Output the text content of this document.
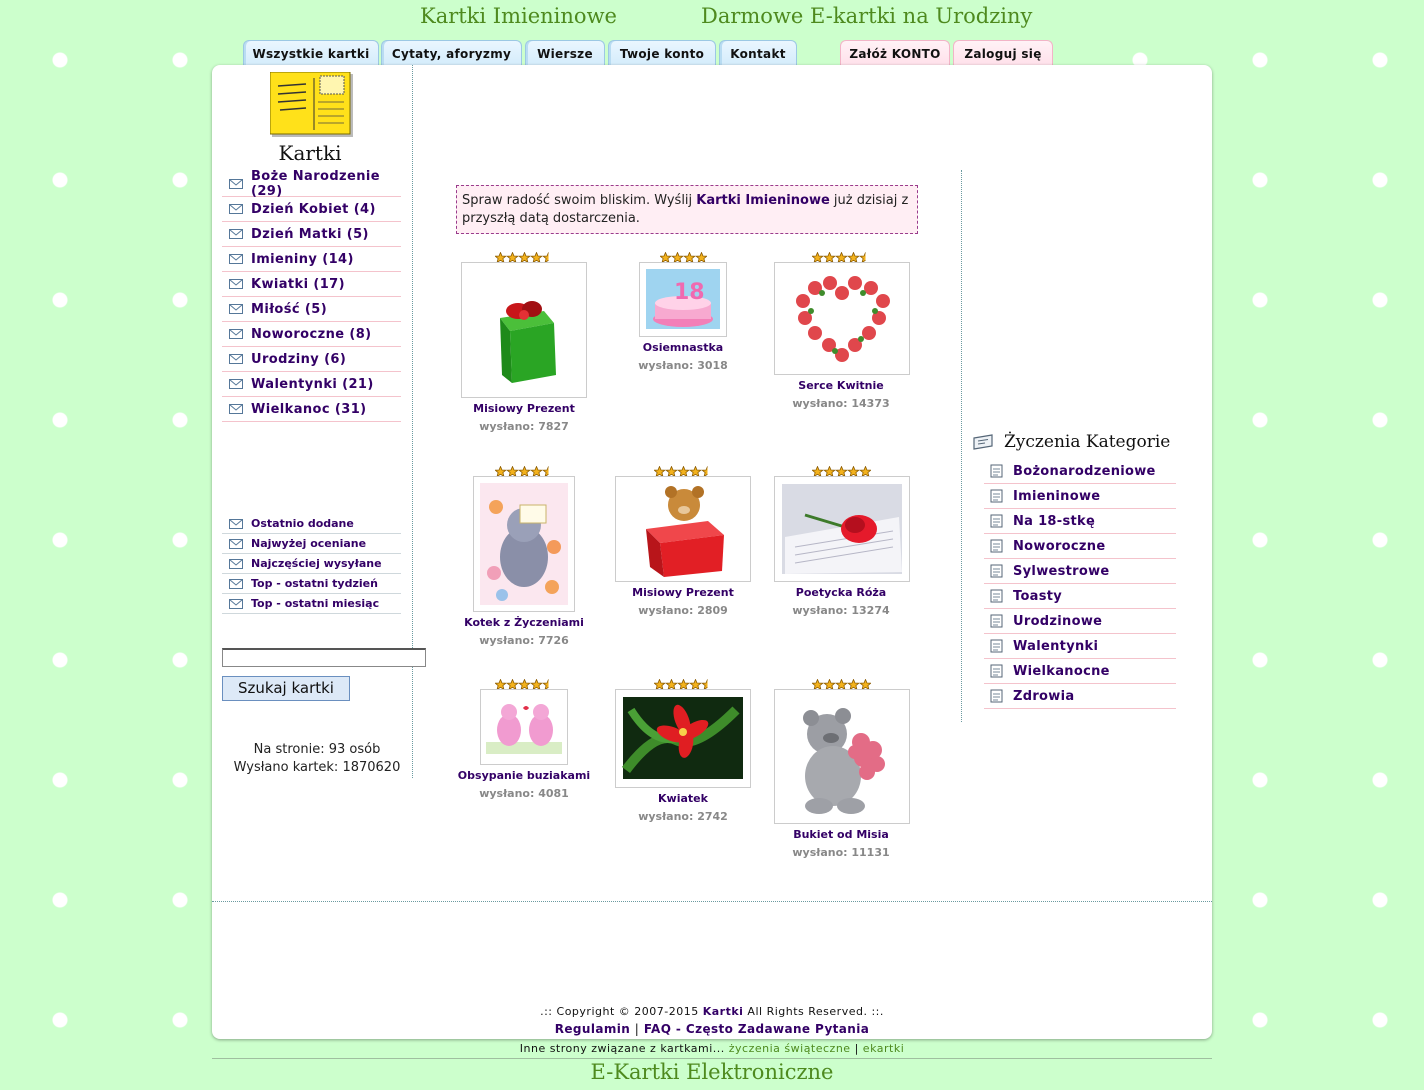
Kartki Imieninowe	Darmowe E-kartki na Urodziny
Wszystkie kartki	Cytaty, aforyzmy	Wiersze	Twoje konto	Kontakt	Załóż KONTO	Zaloguj się
Kartki
Boże Narodzenie (29)
Dzień Kobiet (4)
Dzień Matki (5)
Imieniny (14)
Kwiatki (17)
Miłość (5)
Noworoczne (8)
Urodziny (6)
Walentynki (21)
Wielkanoc (31)
Ostatnio dodane
Najwyżej oceniane
Najczęściej wysyłane
Top - ostatni tydzień
Top - ostatni miesiąc
Szukaj kartki
Na stronie: 93 osób
Wysłano kartek: 1870620
Spraw radość swoim bliskim. Wyślij Kartki Imieninowe już dzisiaj z przyszłą datą dostarczenia.
Misiowy Prezent
wysłano: 7827
18
Osiemnastka
wysłano: 3018
Serce Kwitnie
wysłano: 14373
Kotek z Życzeniami
wysłano: 7726
Misiowy Prezent
wysłano: 2809
Poetycka Róża
wysłano: 13274
Obsypanie buziakami
wysłano: 4081	Kwiatek
wysłano: 2742
Bukiet od Misia
wysłano: 11131
Życzenia Kategorie
Bożonarodzeniowe
Imieninowe
Na 18-stkę
Noworoczne
Sylwestrowe
Toasty
Urodzinowe
Walentynki
Wielkanocne
Zdrowia
.:: Copyright © 2007-2015 Kartki All Rights Reserved. ::.
Regulamin | FAQ - Często Zadawane Pytania
Inne strony związane z kartkami... życzenia świąteczne | ekartki
E-Kartki Elektroniczne
